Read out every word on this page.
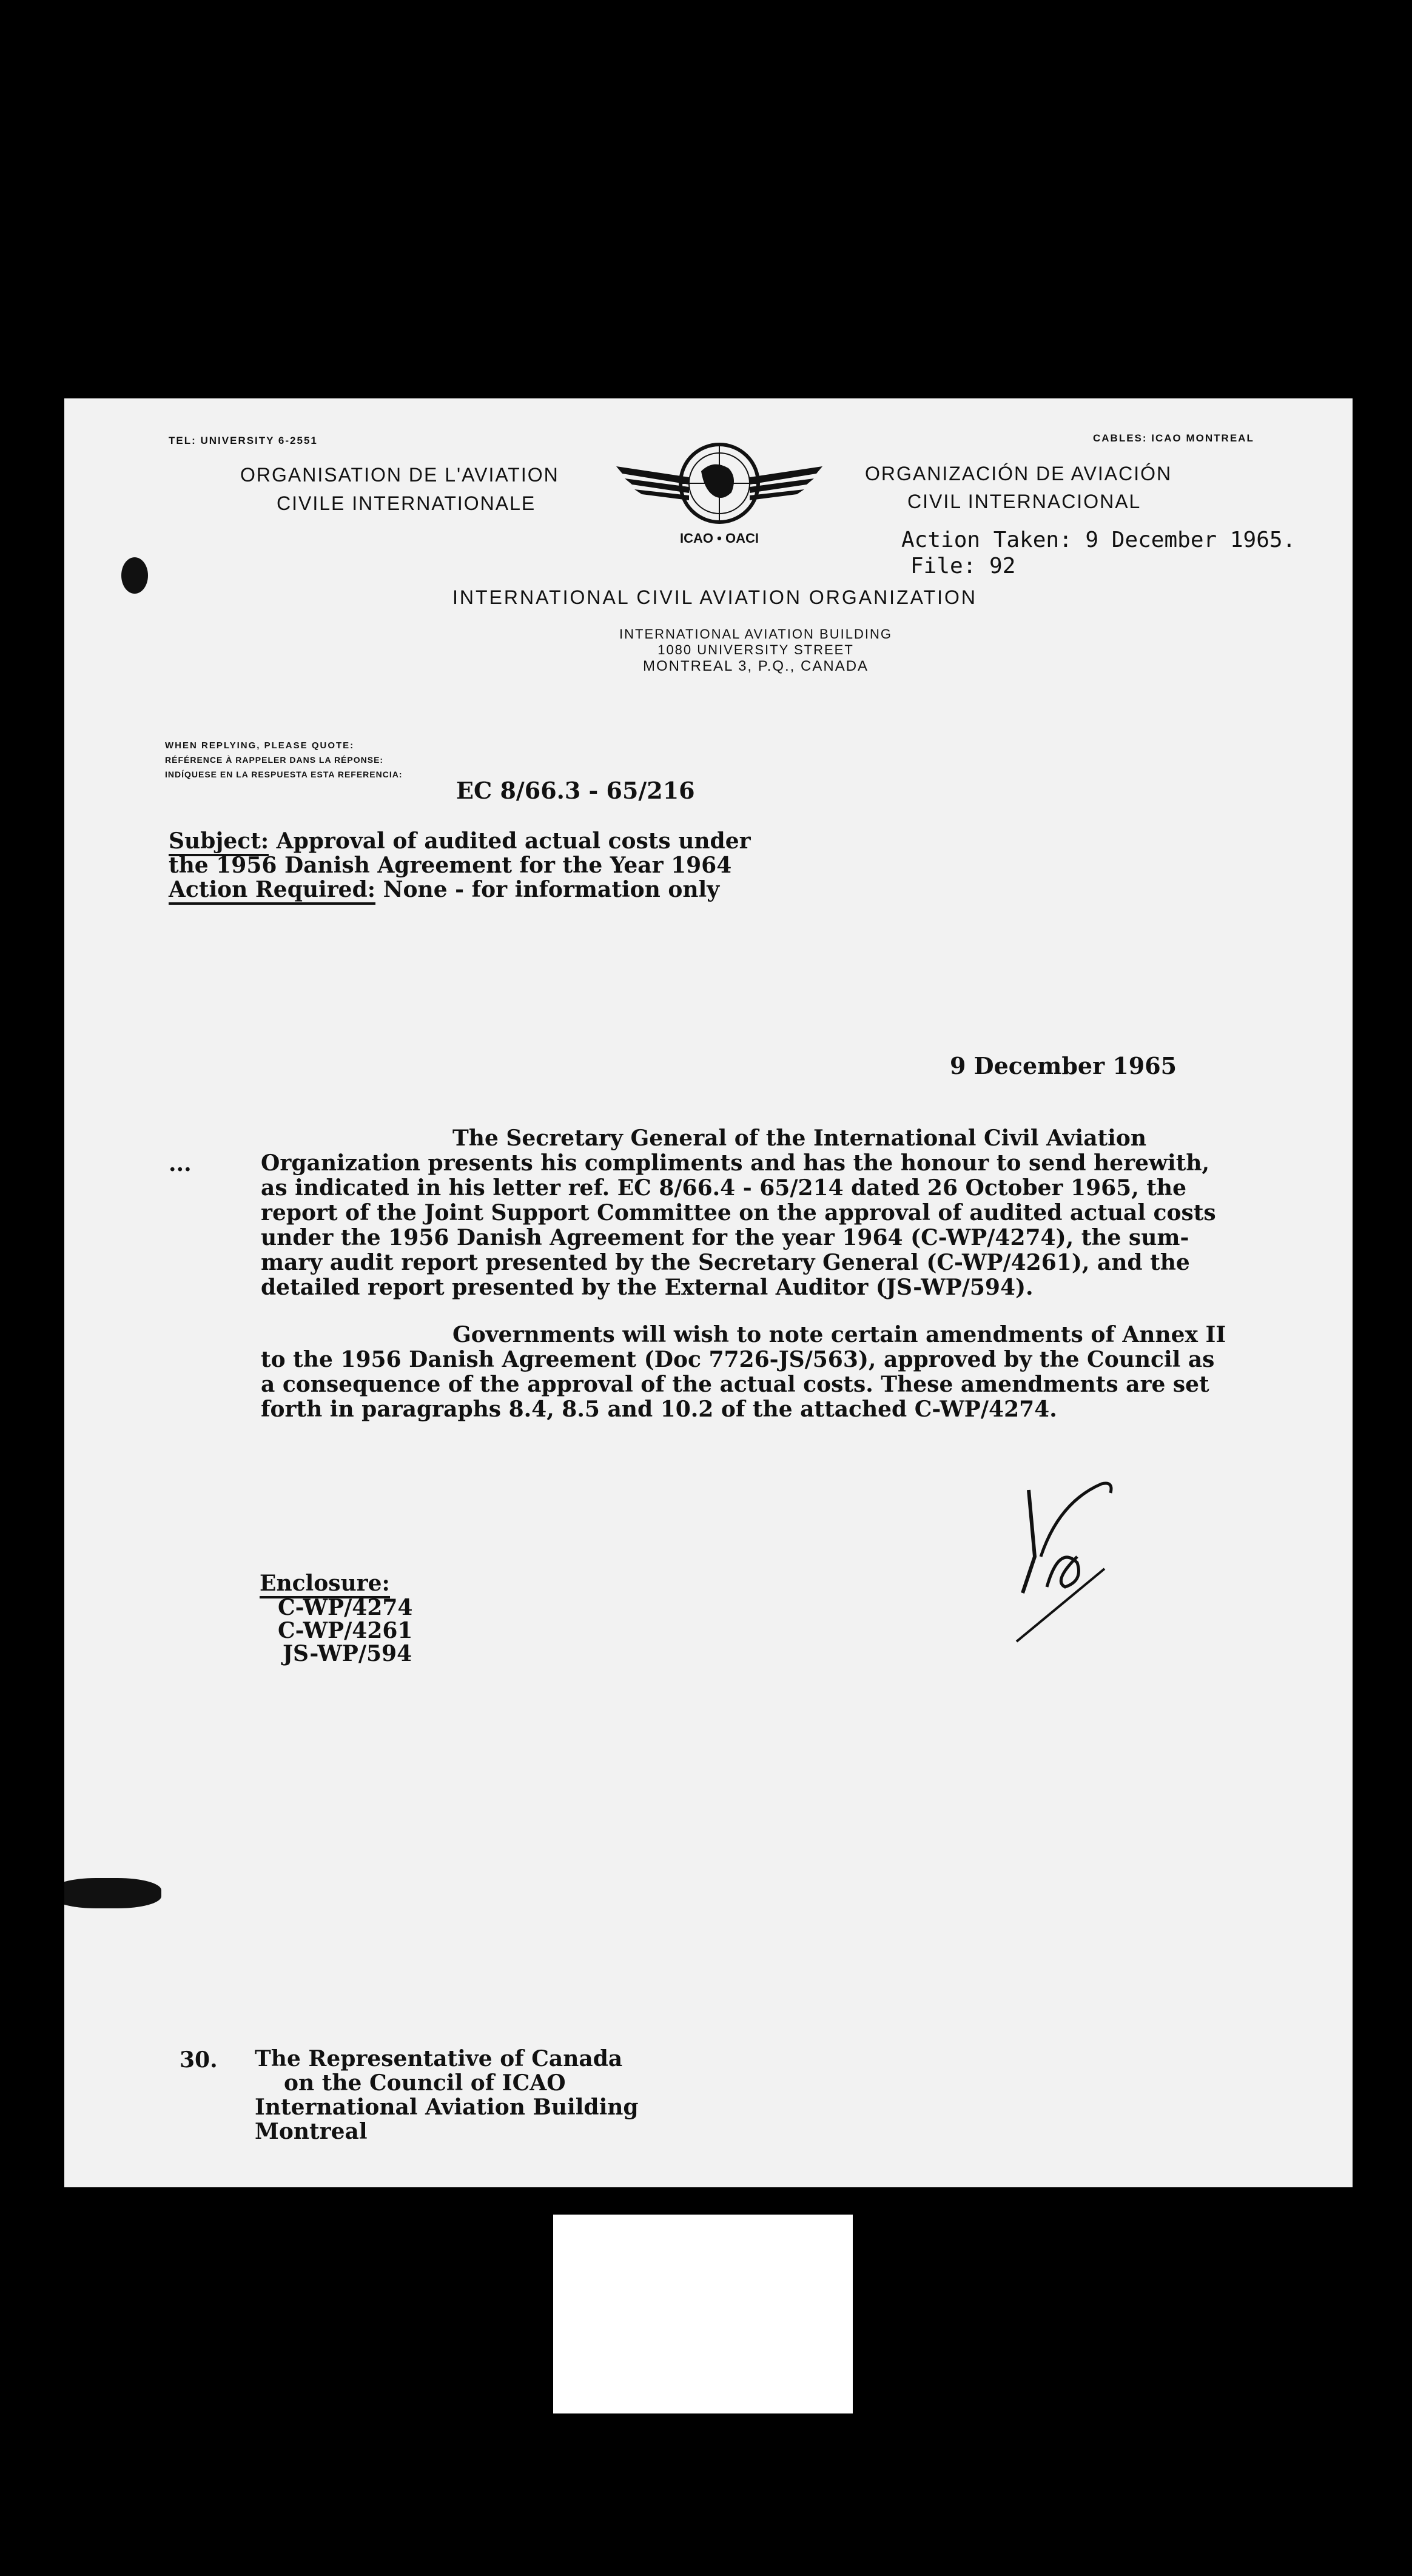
TEL: UNIVERSITY 6-2551	CABLES: ICAO MONTREAL
ORGANISATION DE L'AVIATION
CIVILE INTERNATIONALE
ORGANIZACIÓN DE AVIACIÓN
CIVIL INTERNACIONAL
ICAO • OACI	Action Taken: 9 December 1965.
File: 92
INTERNATIONAL CIVIL AVIATION ORGANIZATION
INTERNATIONAL AVIATION BUILDING
1080 UNIVERSITY STREET
MONTREAL 3, P.Q., CANADA
WHEN REPLYING, PLEASE QUOTE:
RÉFÉRENCE À RAPPELER DANS LA RÉPONSE:
INDÍQUESE EN LA RESPUESTA ESTA REFERENCIA:
EC 8/66.3 - 65/216
Subject: Approval of audited actual costs under
the 1956 Danish Agreement for the Year 1964
Action Required: None - for information only
9 December 1965
...
The Secretary General of the International Civil Aviation
Organization presents his compliments and has the honour to send herewith,
as indicated in his letter ref. EC 8/66.4 - 65/214 dated 26 October 1965, the
report of the Joint Support Committee on the approval of audited actual costs
under the 1956 Danish Agreement for the year 1964 (C-WP/4274), the sum-
mary audit report presented by the Secretary General (C-WP/4261), and the
detailed report presented by the External Auditor (JS-WP/594).
Governments will wish to note certain amendments of Annex II
to the 1956 Danish Agreement (Doc 7726-JS/563), approved by the Council as
a consequence of the approval of the actual costs. These amendments are set
forth in paragraphs 8.4, 8.5 and 10.2 of the attached C-WP/4274.
Enclosure:
C-WP/4274
C-WP/4261
JS-WP/594
30. The Representative of Canada
on the Council of ICAO
International Aviation Building
Montreal
